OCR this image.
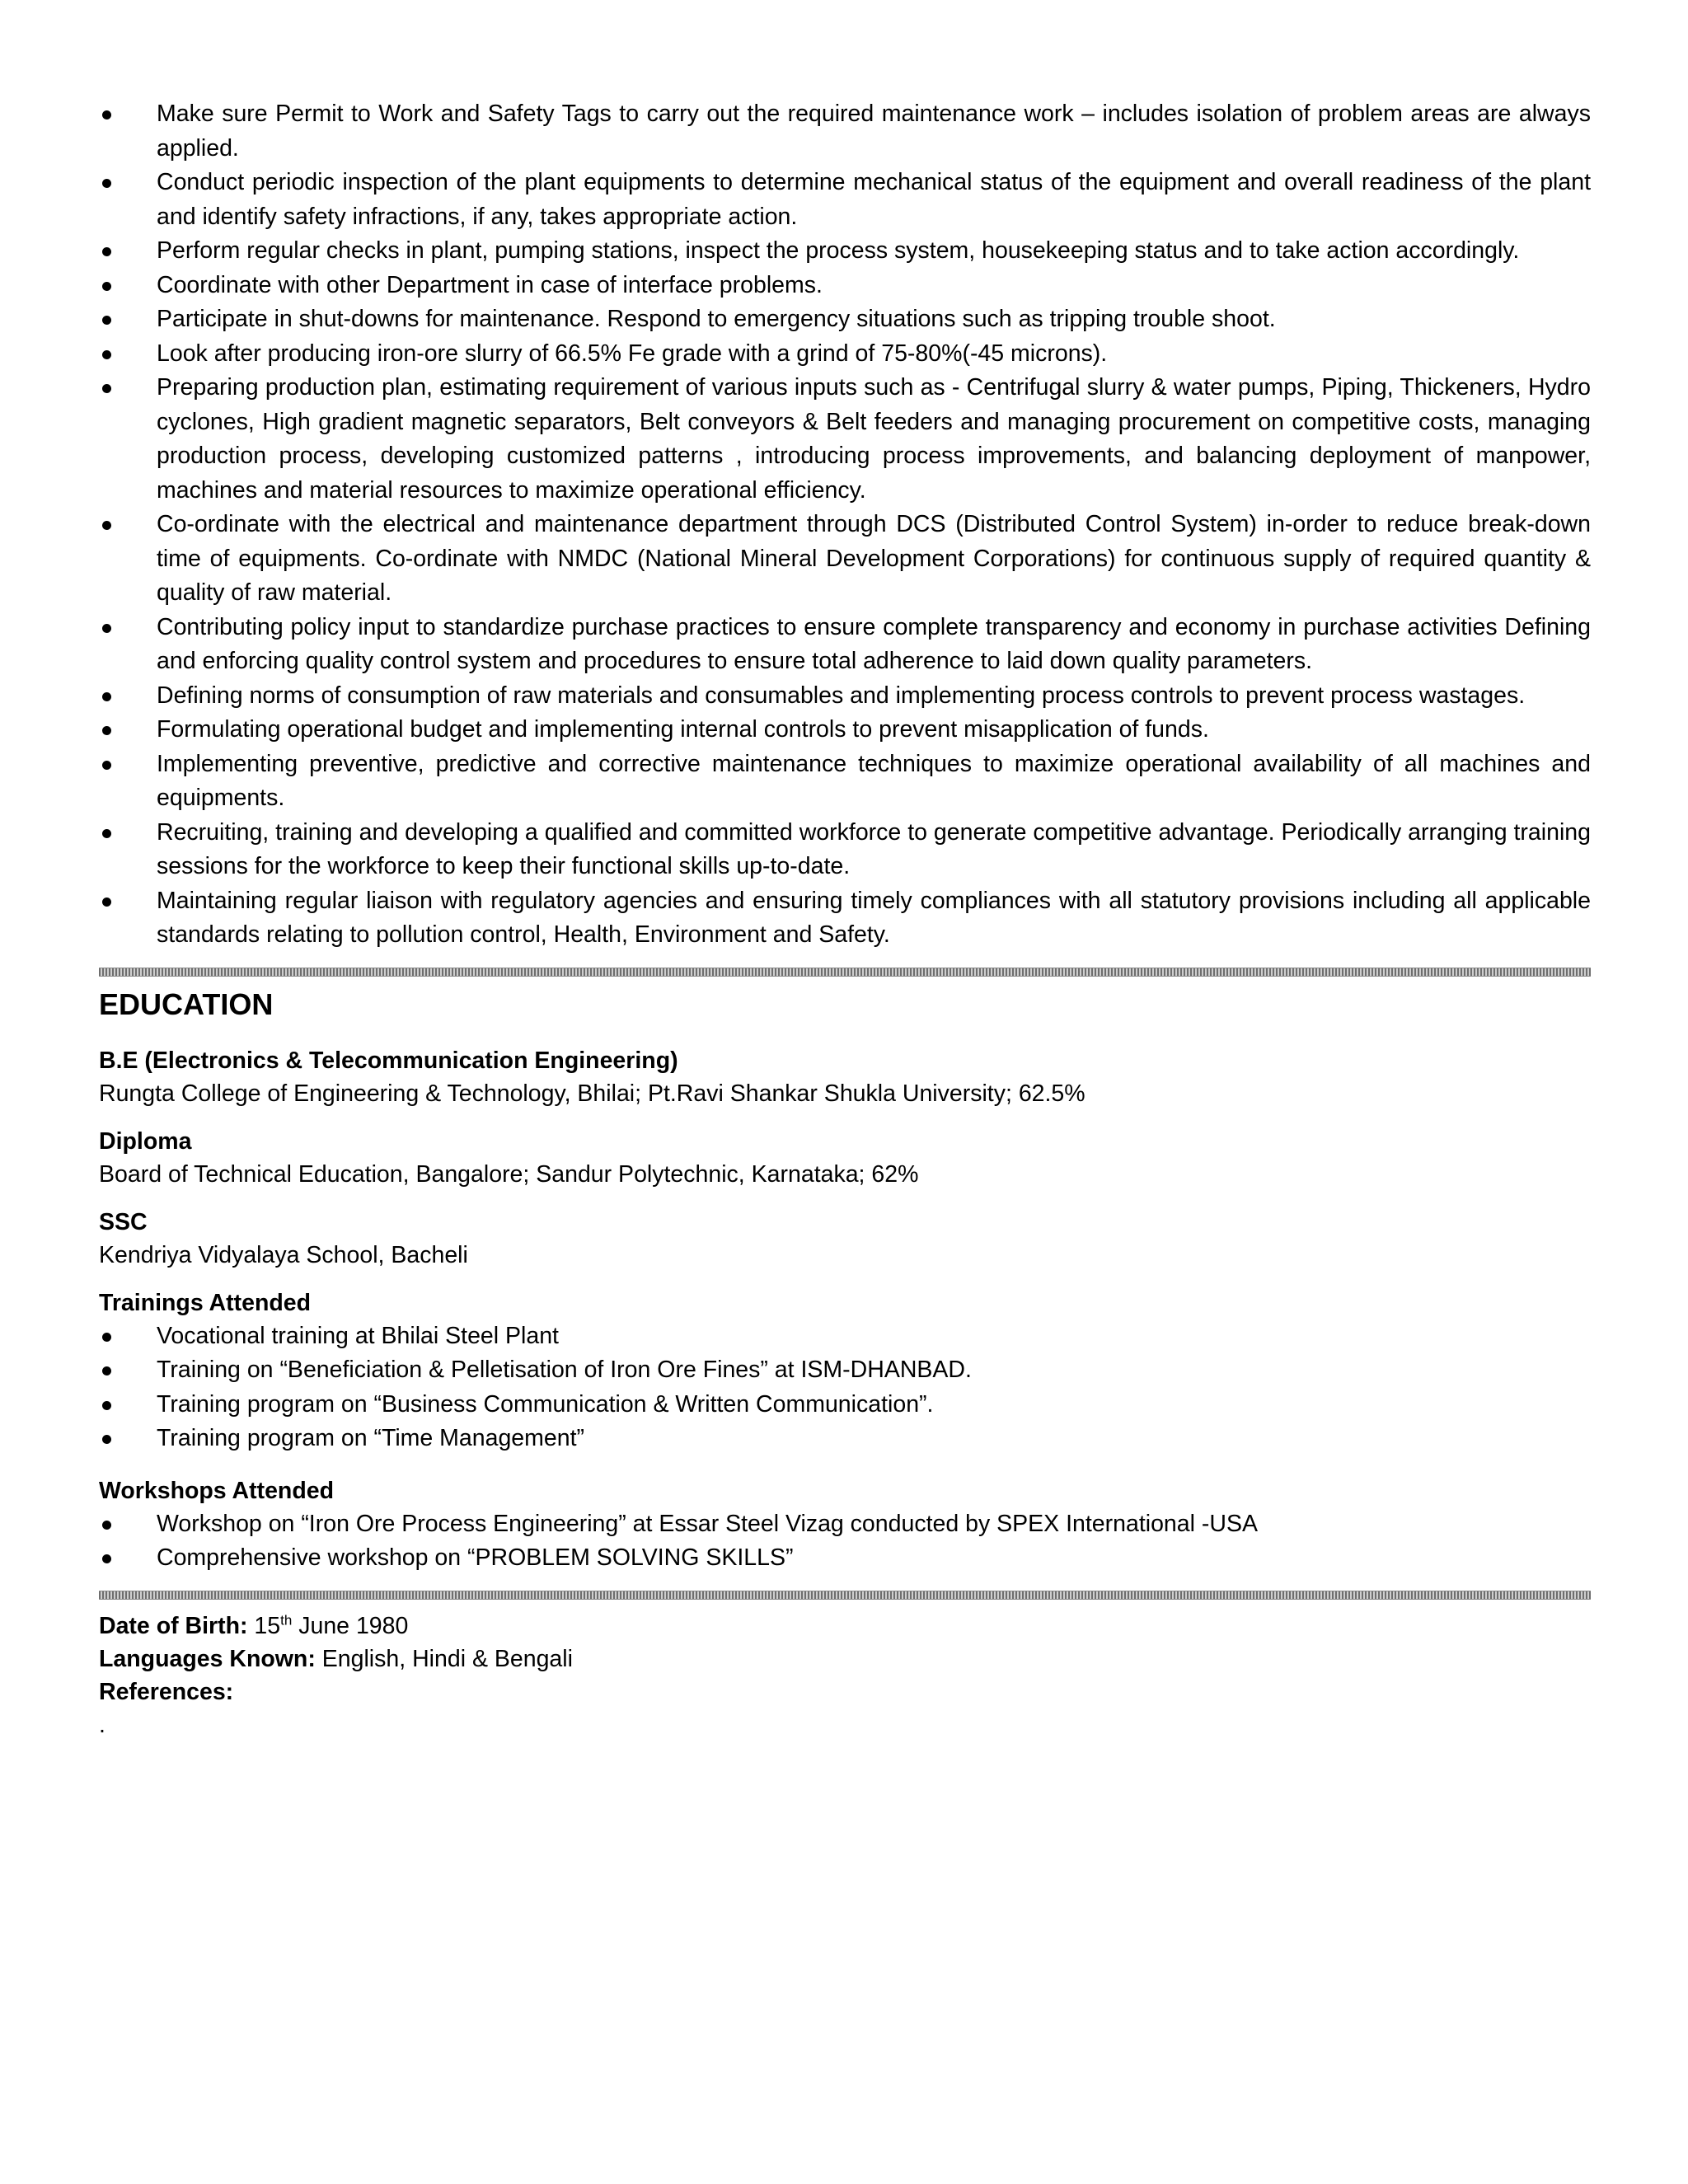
Make sure Permit to Work and Safety Tags to carry out the required maintenance work – includes isolation of problem areas are always applied.
Conduct periodic inspection of the plant equipments to determine mechanical status of the equipment and overall readiness of the plant and identify safety infractions, if any, takes appropriate action.
Perform regular checks in plant, pumping stations, inspect the process system, housekeeping status and to take action accordingly.
Coordinate with other Department in case of interface problems.
Participate in shut-downs for maintenance. Respond to emergency situations such as tripping trouble shoot.
Look after producing iron-ore slurry of 66.5% Fe grade with a grind of 75-80%(-45 microns).
Preparing production plan, estimating requirement of various inputs such as - Centrifugal slurry & water pumps, Piping, Thickeners, Hydro cyclones, High gradient magnetic separators, Belt conveyors & Belt feeders and managing procurement on competitive costs, managing production process, developing customized patterns , introducing process improvements, and balancing deployment of manpower, machines and material resources to maximize operational efficiency.
Co-ordinate with the electrical and maintenance department through DCS (Distributed Control System) in-order to reduce break-down time of equipments. Co-ordinate with NMDC (National Mineral Development Corporations) for continuous supply of required quantity & quality of raw material.
Contributing policy input to standardize purchase practices to ensure complete transparency and economy in purchase activities Defining and enforcing quality control system and procedures to ensure total adherence to laid down quality parameters.
Defining norms of consumption of raw materials and consumables and implementing process controls to prevent process wastages.
Formulating operational budget and implementing internal controls to prevent misapplication of funds.
Implementing preventive, predictive and corrective maintenance techniques to maximize operational availability of all machines and equipments.
Recruiting, training and developing a qualified and committed workforce to generate competitive advantage. Periodically arranging training sessions for the workforce to keep their functional skills up-to-date.
Maintaining regular liaison with regulatory agencies and ensuring timely compliances with all statutory provisions including all applicable standards relating to pollution control, Health, Environment and Safety.
EDUCATION
B.E (Electronics & Telecommunication Engineering)
Rungta College of Engineering & Technology, Bhilai; Pt.Ravi Shankar Shukla University; 62.5%
Diploma
Board of Technical Education, Bangalore; Sandur Polytechnic, Karnataka; 62%
SSC
Kendriya Vidyalaya School, Bacheli
Trainings Attended
Vocational training at Bhilai Steel Plant
Training on “Beneficiation & Pelletisation of Iron Ore Fines” at ISM-DHANBAD.
Training program on “Business Communication & Written Communication”.
Training program on “Time Management”
Workshops Attended
Workshop on “Iron Ore Process Engineering” at Essar Steel Vizag conducted by SPEX International -USA
Comprehensive workshop on “PROBLEM SOLVING SKILLS”
Date of Birth: 15th June 1980
Languages Known: English, Hindi & Bengali
References:
.
